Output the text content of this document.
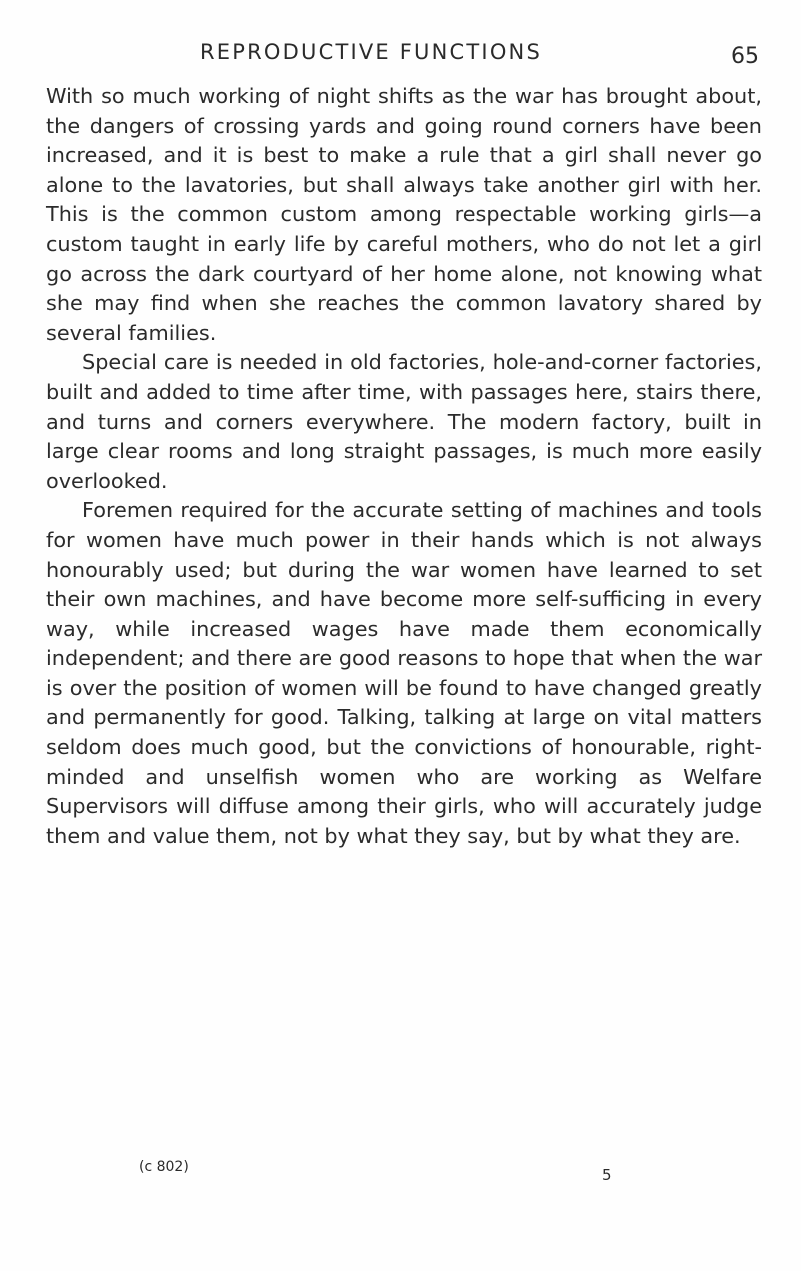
REPRODUCTIVE FUNCTIONS	65

With so much working of night shifts as the war has brought about, the dangers of crossing yards and going round corners have been increased, and it is best to make a rule that a girl shall never go alone to the lavatories, but shall always take another girl with her. This is the common custom among respectable working girls—a custom taught in early life by careful mothers, who do not let a girl go across the dark courtyard of her home alone, not knowing what she may find when she reaches the common lavatory shared by several families.

Special care is needed in old factories, hole-and-corner factories, built and added to time after time, with passages here, stairs there, and turns and corners everywhere. The modern factory, built in large clear rooms and long straight passages, is much more easily overlooked.

Foremen required for the accurate setting of machines and tools for women have much power in their hands which is not always honourably used; but during the war women have learned to set their own machines, and have become more self-sufficing in every way, while increased wages have made them economically independent; and there are good reasons to hope that when the war is over the position of women will be found to have changed greatly and permanently for good. Talking, talking at large on vital matters seldom does much good, but the convictions of honourable, right-minded and unselfish women who are working as Welfare Supervisors will diffuse among their girls, who will accurately judge them and value them, not by what they say, but by what they are.

(c 802)	5
